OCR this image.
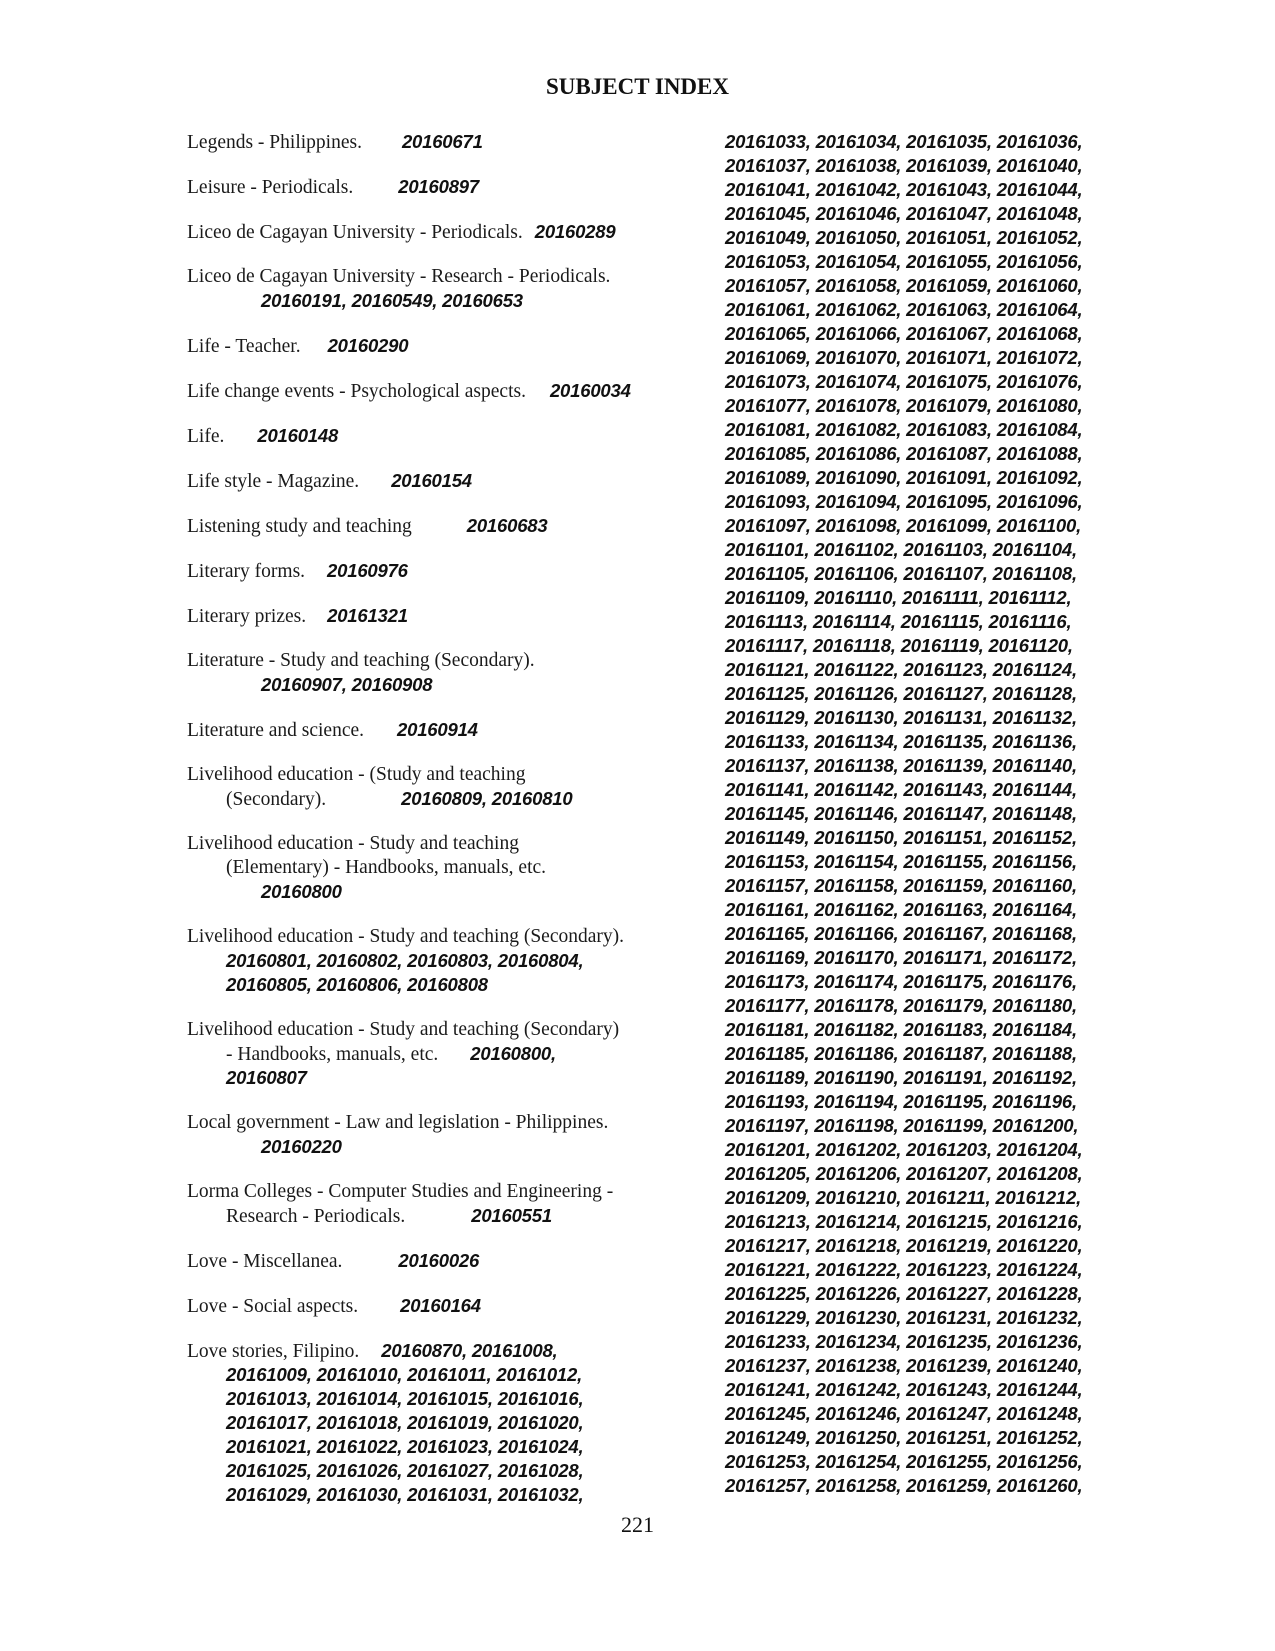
SUBJECT INDEX
Legends - Philippines. 20160671
Leisure - Periodicals. 20160897
Liceo de Cagayan University - Periodicals. 20160289
Liceo de Cagayan University - Research - Periodicals.
20160191, 20160549, 20160653
Life - Teacher. 20160290
Life change events - Psychological aspects. 20160034
Life. 20160148
Life style - Magazine. 20160154
Listening study and teaching	20160683
Literary forms. 20160976
Literary prizes. 20161321
Literature - Study and teaching (Secondary).
20160907, 20160908
Literature and science. 20160914
Livelihood education - (Study and teaching
(Secondary).	20160809, 20160810
Livelihood education - Study and teaching
(Elementary) - Handbooks, manuals, etc.
20160800
Livelihood education - Study and teaching (Secondary).
20160801, 20160802, 20160803, 20160804,
20160805, 20160806, 20160808
Livelihood education - Study and teaching (Secondary)
- Handbooks, manuals, etc. 20160800,
20160807
Local government - Law and legislation - Philippines.
20160220
Lorma Colleges - Computer Studies and Engineering -
Research - Periodicals.	20160551
Love - Miscellanea.	20160026
Love - Social aspects. 20160164
Love stories, Filipino. 20160870, 20161008,
20161009, 20161010, 20161011, 20161012,
20161013, 20161014, 20161015, 20161016,
20161017, 20161018, 20161019, 20161020,
20161021, 20161022, 20161023, 20161024,
20161025, 20161026, 20161027, 20161028,
20161029, 20161030, 20161031, 20161032,
20161033, 20161034, 20161035, 20161036,
20161037, 20161038, 20161039, 20161040,
20161041, 20161042, 20161043, 20161044,
20161045, 20161046, 20161047, 20161048,
20161049, 20161050, 20161051, 20161052,
20161053, 20161054, 20161055, 20161056,
20161057, 20161058, 20161059, 20161060,
20161061, 20161062, 20161063, 20161064,
20161065, 20161066, 20161067, 20161068,
20161069, 20161070, 20161071, 20161072,
20161073, 20161074, 20161075, 20161076,
20161077, 20161078, 20161079, 20161080,
20161081, 20161082, 20161083, 20161084,
20161085, 20161086, 20161087, 20161088,
20161089, 20161090, 20161091, 20161092,
20161093, 20161094, 20161095, 20161096,
20161097, 20161098, 20161099, 20161100,
20161101, 20161102, 20161103, 20161104,
20161105, 20161106, 20161107, 20161108,
20161109, 20161110, 20161111, 20161112,
20161113, 20161114, 20161115, 20161116,
20161117, 20161118, 20161119, 20161120,
20161121, 20161122, 20161123, 20161124,
20161125, 20161126, 20161127, 20161128,
20161129, 20161130, 20161131, 20161132,
20161133, 20161134, 20161135, 20161136,
20161137, 20161138, 20161139, 20161140,
20161141, 20161142, 20161143, 20161144,
20161145, 20161146, 20161147, 20161148,
20161149, 20161150, 20161151, 20161152,
20161153, 20161154, 20161155, 20161156,
20161157, 20161158, 20161159, 20161160,
20161161, 20161162, 20161163, 20161164,
20161165, 20161166, 20161167, 20161168,
20161169, 20161170, 20161171, 20161172,
20161173, 20161174, 20161175, 20161176,
20161177, 20161178, 20161179, 20161180,
20161181, 20161182, 20161183, 20161184,
20161185, 20161186, 20161187, 20161188,
20161189, 20161190, 20161191, 20161192,
20161193, 20161194, 20161195, 20161196,
20161197, 20161198, 20161199, 20161200,
20161201, 20161202, 20161203, 20161204,
20161205, 20161206, 20161207, 20161208,
20161209, 20161210, 20161211, 20161212,
20161213, 20161214, 20161215, 20161216,
20161217, 20161218, 20161219, 20161220,
20161221, 20161222, 20161223, 20161224,
20161225, 20161226, 20161227, 20161228,
20161229, 20161230, 20161231, 20161232,
20161233, 20161234, 20161235, 20161236,
20161237, 20161238, 20161239, 20161240,
20161241, 20161242, 20161243, 20161244,
20161245, 20161246, 20161247, 20161248,
20161249, 20161250, 20161251, 20161252,
20161253, 20161254, 20161255, 20161256,
20161257, 20161258, 20161259, 20161260,
221
